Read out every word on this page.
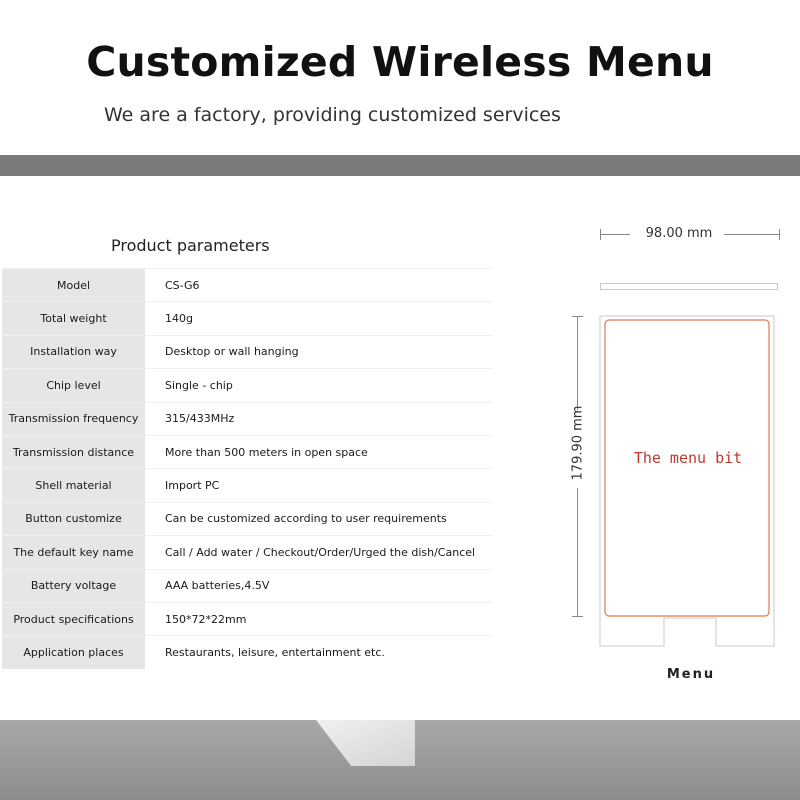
Customized Wireless Menu
We are a factory, providing customized services
Product parameters
Model	CS-G6
Total weight	140g
Installation way	Desktop or wall hanging
Chip level	Single - chip
Transmission frequency	315/433MHz
Transmission distance	More than 500 meters in open space
Shell material	Import PC
Button customize	Can be customized according to user requirements
The default key name	Call / Add water / Checkout/Order/Urged the dish/Cancel
Battery voltage	AAA batteries,4.5V
Product specifications	150*72*22mm
Application places	Restaurants, leisure, entertainment etc.
98.00 mm
179.90 mm	The menu bit
Menu
